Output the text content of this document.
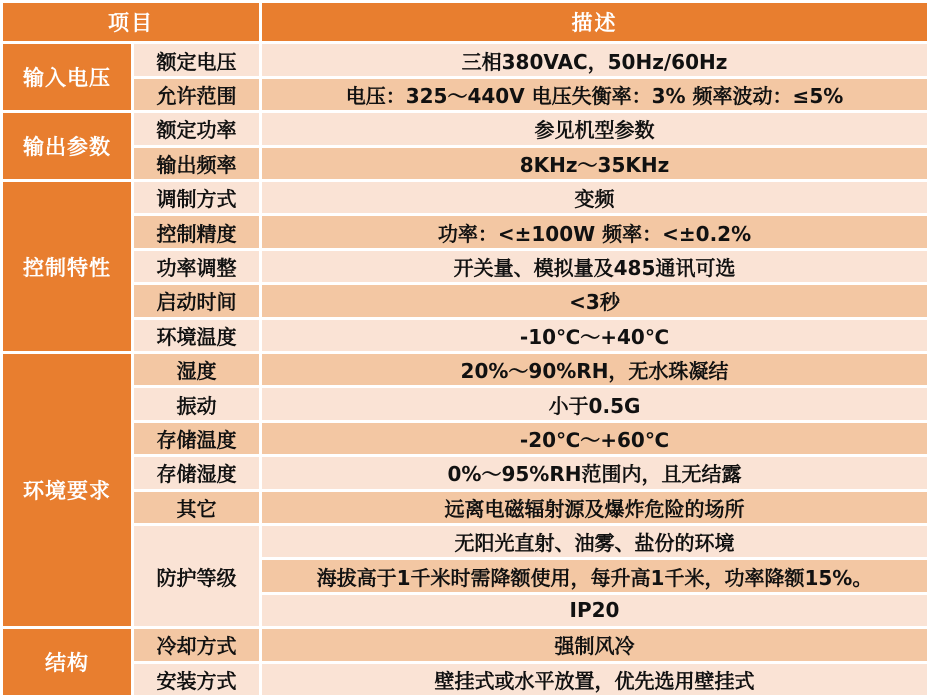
项目		描述
输入电压	额定电压	三相380VAC，50Hz/60Hz
	允许范围	电压：325～440V 电压失衡率：3% 频率波动：≤5%
输出参数	额定功率	参见机型参数
	输出频率	8KHz～35KHz
控制特性	调制方式	变频
	控制精度	功率：<±100W 频率：<±0.2%
	功率调整	开关量、模拟量及485通讯可选
	启动时间	<3秒
	环境温度	-10℃～+40℃
环境要求	湿度	20%～90%RH，无水珠凝结
	振动	小于0.5G
	存储温度	-20℃～+60℃
	存储湿度	0%～95%RH范围内，且无结露
	其它	远离电磁辐射源及爆炸危险的场所
	防护等级	无阳光直射、油雾、盐份的环境
		海拔高于1千米时需降额使用，每升高1千米，功率降额15%。
		IP20
结构	冷却方式	强制风冷
	安装方式	壁挂式或水平放置，优先选用壁挂式
